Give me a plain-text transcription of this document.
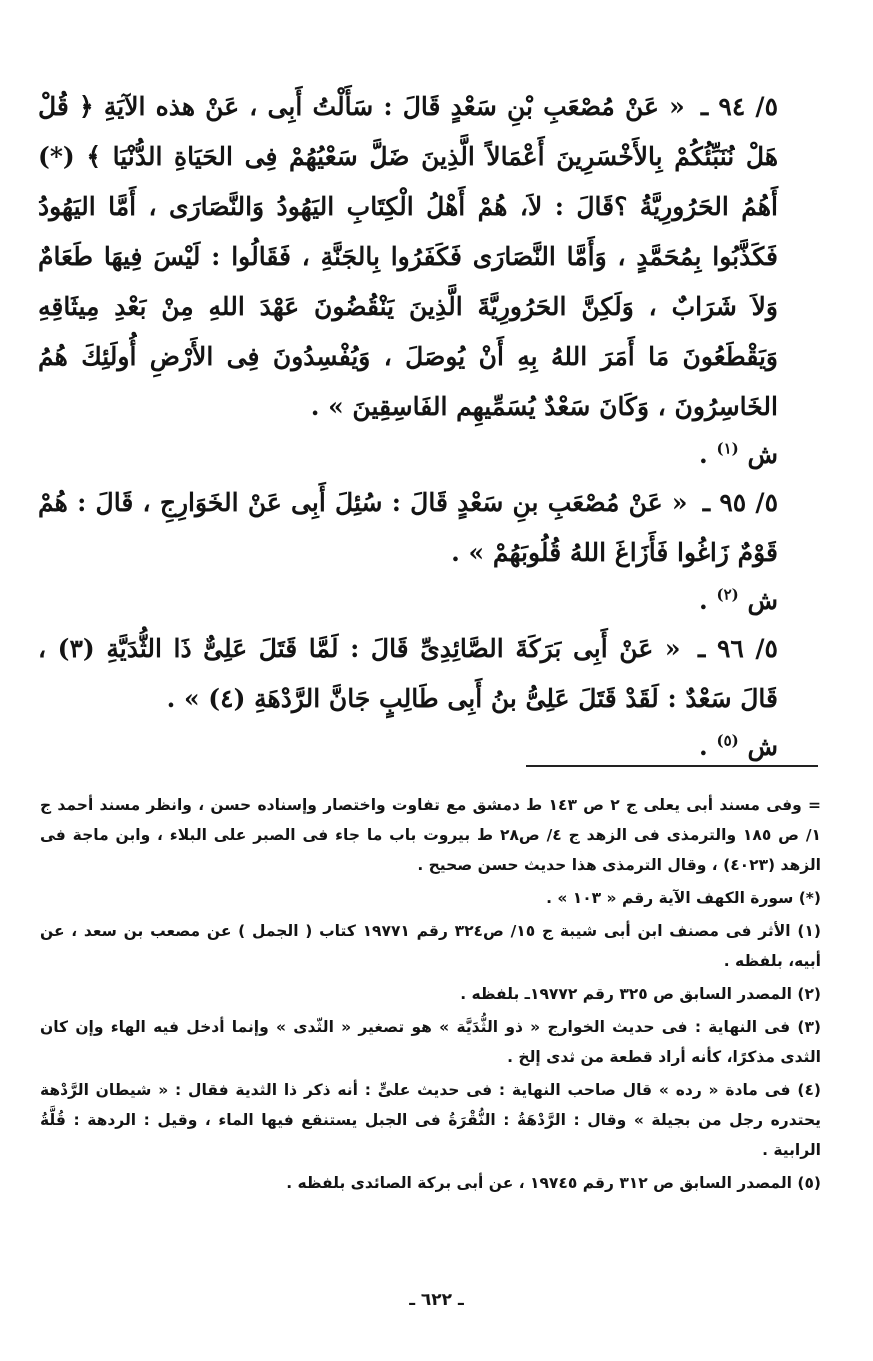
٥/ ٩٤ ـ « عَنْ مُصْعَبِ بْنِ سَعْدٍ قَالَ : سَأَلْتُ أَبِى ، عَنْ هذه الآيَةِ ﴿ قُلْ هَلْ نُنَبِّئُكُمْ بِالأَخْسَرِينَ أَعْمَالاً الَّذِينَ ضَلَّ سَعْيُهُمْ فِى الحَيَاةِ الدُّنْيَا ﴾ (*) أَهُمُ الحَرُورِيَّةُ ؟قَالَ : لاَ، هُمْ أَهْلُ الْكِتَابِ اليَهُودُ وَالنَّصَارَى ، أَمَّا اليَهُودُ فَكَذَّبُوا بِمُحَمَّدٍ ، وَأَمَّا النَّصَارَى فَكَفَرُوا بِالجَنَّةِ ، فَقَالُوا : لَيْسَ فِيهَا طَعَامٌ وَلاَ شَرَابٌ ، وَلَكِنَّ الحَرُورِيَّةَ الَّذِينَ يَنْقُضُونَ عَهْدَ اللهِ مِنْ بَعْدِ مِيثَاقِهِ وَيَقْطَعُونَ مَا أَمَرَ اللهُ بِهِ أَنْ يُوصَلَ ، وَيُفْسِدُونَ فِى الأَرْضِ أُولَئِكَ هُمُ الخَاسِرُونَ ، وَكَانَ سَعْدٌ يُسَمِّيهِم الفَاسِقِينَ » .

ش $^{(١)}$ .

٥/ ٩٥ ـ « عَنْ مُصْعَبِ بنِ سَعْدٍ قَالَ : سُئِلَ أَبِى عَنْ الخَوَارِجِ ، قَالَ : هُمْ قَوْمٌ زَاغُوا فَأَزَاغَ اللهُ قُلُوبَهُمْ » .

ش $^{(٢)}$ .

٥/ ٩٦ ـ « عَنْ أَبِى بَرَكَةَ الصَّائِدِىِّ قَالَ : لَمَّا قَتَلَ عَلِىٌّ ذَا الثُّدَيَّةِ (٣) ، قَالَ سَعْدٌ : لَقَدْ قَتَلَ عَلِىُّ بنُ أَبِى طَالِبٍ جَانَّ الرَّدْهَةِ (٤) » .

ش $^{(٥)}$ .

= وفى مسند أبى يعلى ج ٢ ص ١٤٣ ط دمشق مع تفاوت واختصار وإسناده حسن ، وانظر مسند أحمد ج ١/ ص ١٨٥ والترمذى فى الزهد ج ٤/ ص٢٨ ط بيروت باب ما جاء فى الصبر على البلاء ، وابن ماجة فى الزهد (٤٠٢٣) ، وقال الترمذى هذا حديث حسن صحيح .

(*) سورة الكهف الآية رقم « ١٠٣ » .

(١) الأثر فى مصنف ابن أبى شيبة ج ١٥/ ص٣٢٤ رقم ١٩٧٧١ كتاب ( الجمل ) عن مصعب بن سعد ، عن أبيه، بلفظه .

(٢) المصدر السابق ص ٣٢٥ رقم ١٩٧٧٢ـ بلفظه .

(٣) فى النهاية : فى حديث الخوارج « ذو الثُّدَيَّة » هو تصغير « الثّدى » وإنما أدخل فيه الهاء وإن كان الثدى مذكرًا، كأنه أراد قطعة من ثدى إلخ .

(٤) فى مادة « رده » قال صاحب النهاية : فى حديث علىٍّ : أنه ذكر ذا الثدية فقال : « شيطان الرَّدْهة يحتدره رجل من بجيلة » وقال : الرَّدْهَةُ : النُّقْرَةُ فى الجبل يستنقع فيها الماء ، وقيل : الردهة : قُلَّةُ الرابية .

(٥) المصدر السابق ص ٣١٢ رقم ١٩٧٤٥ ، عن أبى بركة الصائدى بلفظه .

ـ ٦٢٢ ـ
